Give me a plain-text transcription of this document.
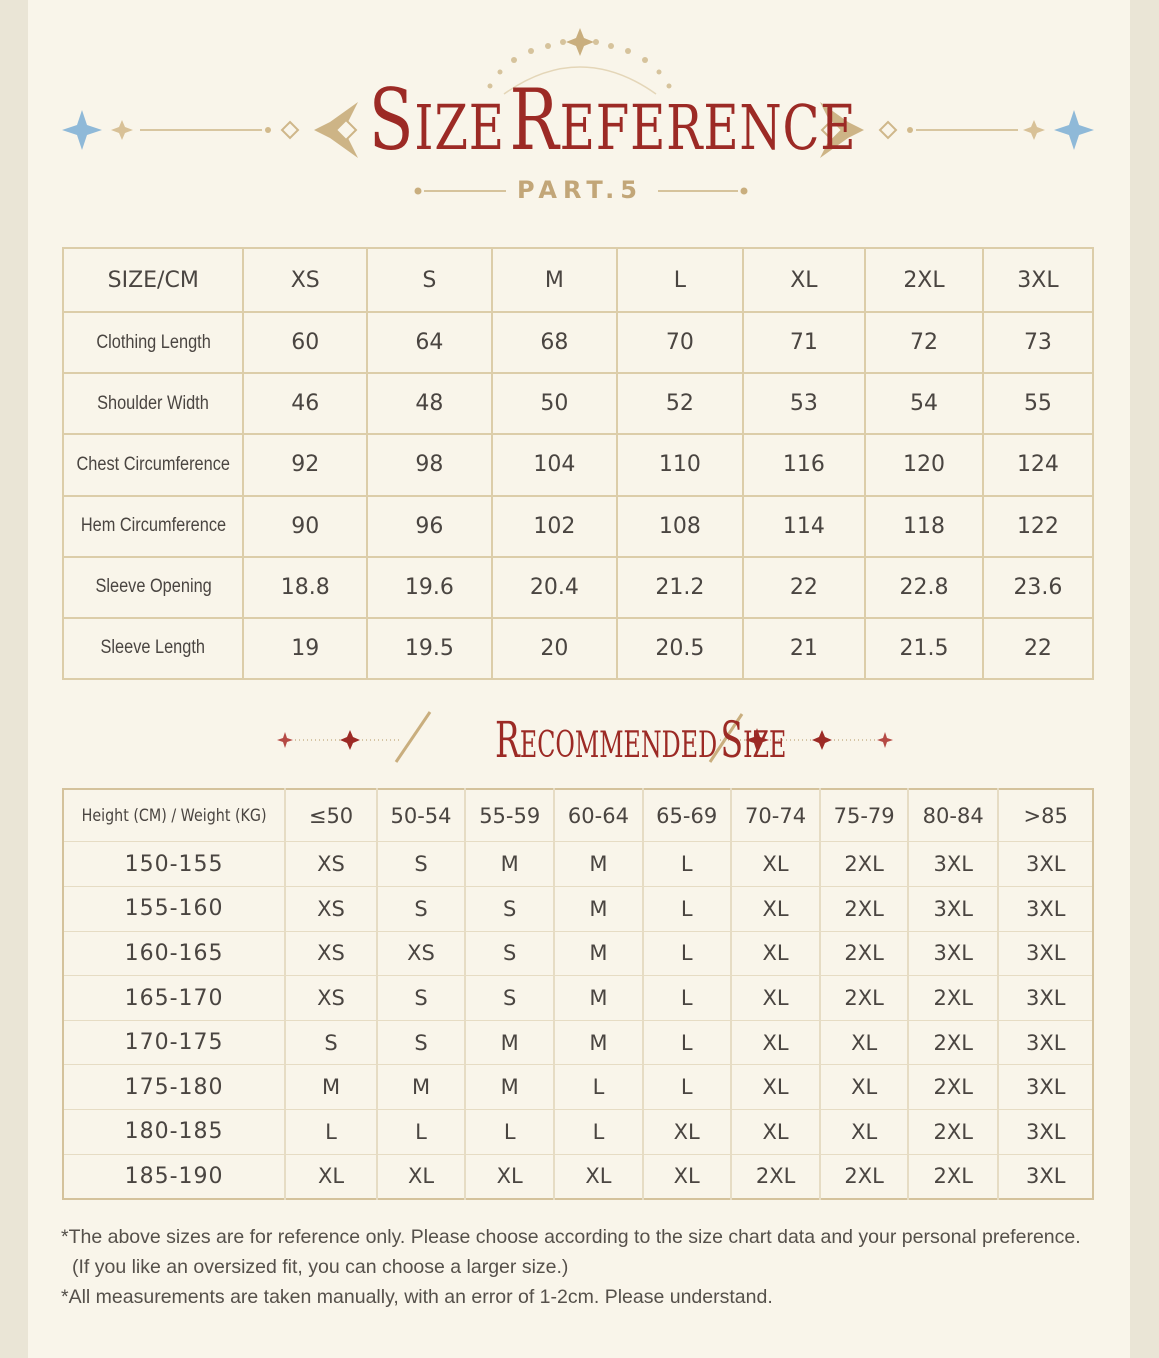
SIZE REFERENCE
PART.5
SIZE/CM	XS	S	M	L	XL	2XL	3XL
Clothing Length	60	64	68	70	71	72	73
Shoulder Width	46	48	50	52	53	54	55
Chest Circumference	92	98	104	110	116	120	124
Hem Circumference	90	96	102	108	114	118	122
Sleeve Opening	18.8	19.6	20.4	21.2	22	22.8	23.6
Sleeve Length	19	19.5	20	20.5	21	21.5	22
RECOMMENDED SIZE
Height (CM) / Weight (KG)	≤50	50-54	55-59	60-64	65-69	70-74	75-79	80-84	>85
150-155	XS	S	M	M	L	XL	2XL	3XL	3XL
155-160	XS	S	S	M	L	XL	2XL	3XL	3XL
160-165	XS	XS	S	M	L	XL	2XL	3XL	3XL
165-170	XS	S	S	M	L	XL	2XL	2XL	3XL
170-175	S	S	M	M	L	XL	XL	2XL	3XL
175-180	M	M	M	L	L	XL	XL	2XL	3XL
180-185	L	L	L	L	XL	XL	XL	2XL	3XL
185-190	XL	XL	XL	XL	XL	2XL	2XL	2XL	3XL
*The above sizes are for reference only. Please choose according to the size chart data and your personal preference.
(If you like an oversized fit, you can choose a larger size.)
*All measurements are taken manually, with an error of 1-2cm. Please understand.
